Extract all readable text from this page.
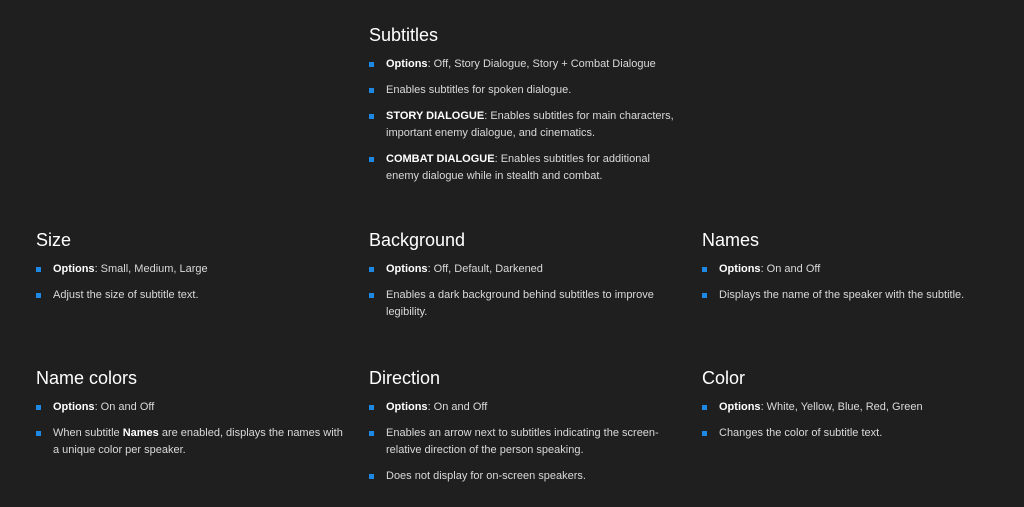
Subtitles
Options: Off, Story Dialogue, Story + Combat Dialogue
Enables subtitles for spoken dialogue.
STORY DIALOGUE: Enables subtitles for main characters, important enemy dialogue, and cinematics.
COMBAT DIALOGUE: Enables subtitles for additional enemy dialogue while in stealth and combat.
Size
Options: Small, Medium, Large
Adjust the size of subtitle text.
Background
Options: Off, Default, Darkened
Enables a dark background behind subtitles to improve legibility.
Names
Options: On and Off
Displays the name of the speaker with the subtitle.
Name colors
Options: On and Off
When subtitle Names are enabled, displays the names with a unique color per speaker.
Direction
Options: On and Off
Enables an arrow next to subtitles indicating the screen-relative direction of the person speaking.
Does not display for on-screen speakers.
Color
Options: White, Yellow, Blue, Red, Green
Changes the color of subtitle text.
